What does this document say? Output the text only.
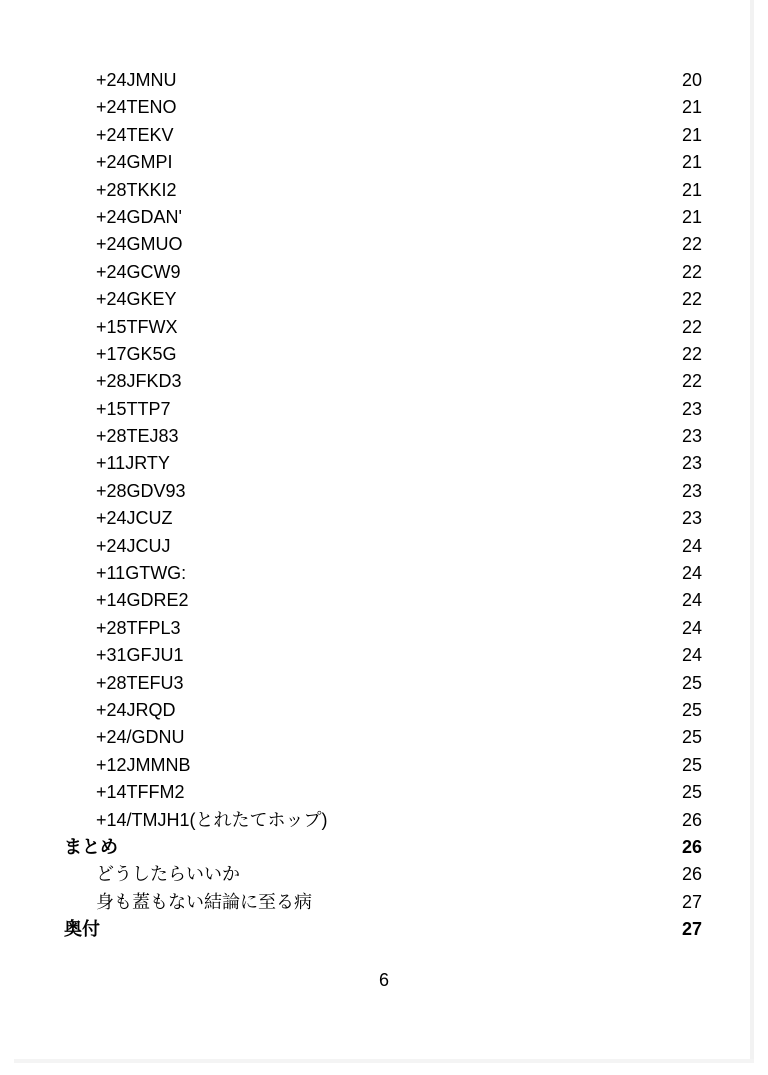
+24JMNU	20
+24TENO	21
+24TEKV	21
+24GMPI	21
+28TKKI2	21
+24GDAN'	21
+24GMUO	22
+24GCW9	22
+24GKEY	22
+15TFWX	22
+17GK5G	22
+28JFKD3	22
+15TTP7	23
+28TEJ83	23
+11JRTY	23
+28GDV93	23
+24JCUZ	23
+24JCUJ	24
+11GTWG:	24
+14GDRE2	24
+28TFPL3	24
+31GFJU1	24
+28TEFU3	25
+24JRQD	25
+24/GDNU	25
+12JMMNB	25
+14TFFM2	25
+14/TMJH1(とれたてホップ)	26
まとめ	26
どうしたらいいか	26
身も蓋もない結論に至る病	27
奥付	27
6
